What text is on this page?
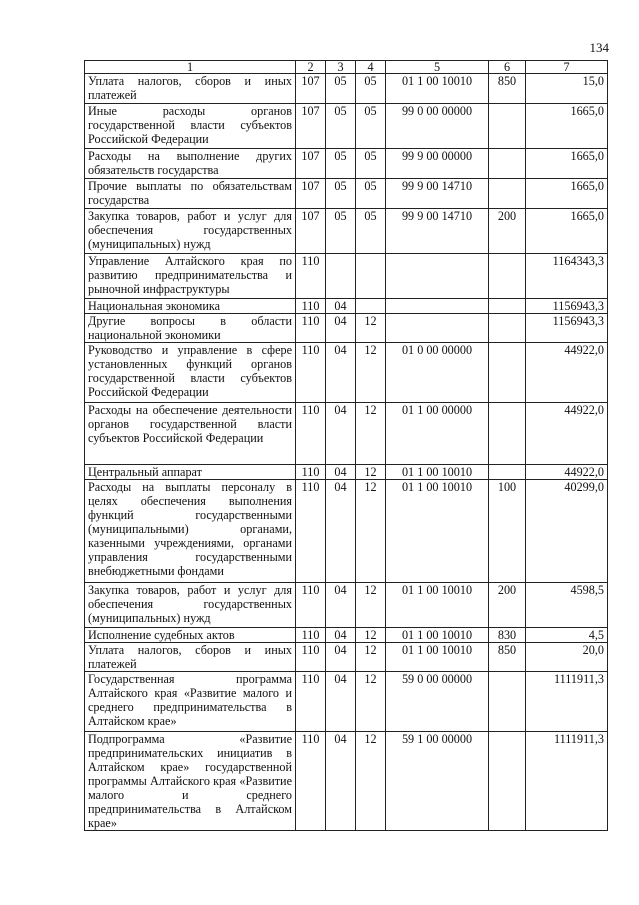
134
1	2	3	4	5	6	7
Уплата налогов, сборов и иных платежей	107	05	05	01 1 00 10010	850	15,0
Иные расходы органов государственной власти субъектов Российской Федерации	107	05	05	99 0 00 00000		1665,0
Расходы на выполнение других обязательств государства	107	05	05	99 9 00 00000		1665,0
Прочие выплаты по обязательствам государства	107	05	05	99 9 00 14710		1665,0
Закупка товаров, работ и услуг для обеспечения государственных (муниципальных) нужд	107	05	05	99 9 00 14710	200	1665,0
Управление Алтайского края по развитию предпринимательства и рыночной инфраструктуры	110					1164343,3
Национальная экономика	110	04				1156943,3
Другие вопросы в области национальной экономики	110	04	12			1156943,3
Руководство и управление в сфере установленных функций органов государственной власти субъектов Российской Федерации	110	04	12	01 0 00 00000		44922,0
Расходы на обеспечение деятельности органов государственной власти субъектов Российской Федерации	110	04	12	01 1 00 00000		44922,0
Центральный аппарат	110	04	12	01 1 00 10010		44922,0
Расходы на выплаты персоналу в целях обеспечения выполнения функций государственными (муниципальными) органами, казенными учреждениями, органами управления государственными внебюджетными фондами	110	04	12	01 1 00 10010	100	40299,0
Закупка товаров, работ и услуг для обеспечения государственных (муниципальных) нужд	110	04	12	01 1 00 10010	200	4598,5
Исполнение судебных актов	110	04	12	01 1 00 10010	830	4,5
Уплата налогов, сборов и иных платежей	110	04	12	01 1 00 10010	850	20,0
Государственная программа Алтайского края «Развитие малого и среднего предпринимательства в Алтайском крае»	110	04	12	59 0 00 00000		1111911,3
Подпрограмма «Развитие предпринимательских инициатив в Алтайском крае» государственной программы Алтайского края «Развитие малого и среднего предпринимательства в Алтайском крае»	110	04	12	59 1 00 00000		1111911,3
